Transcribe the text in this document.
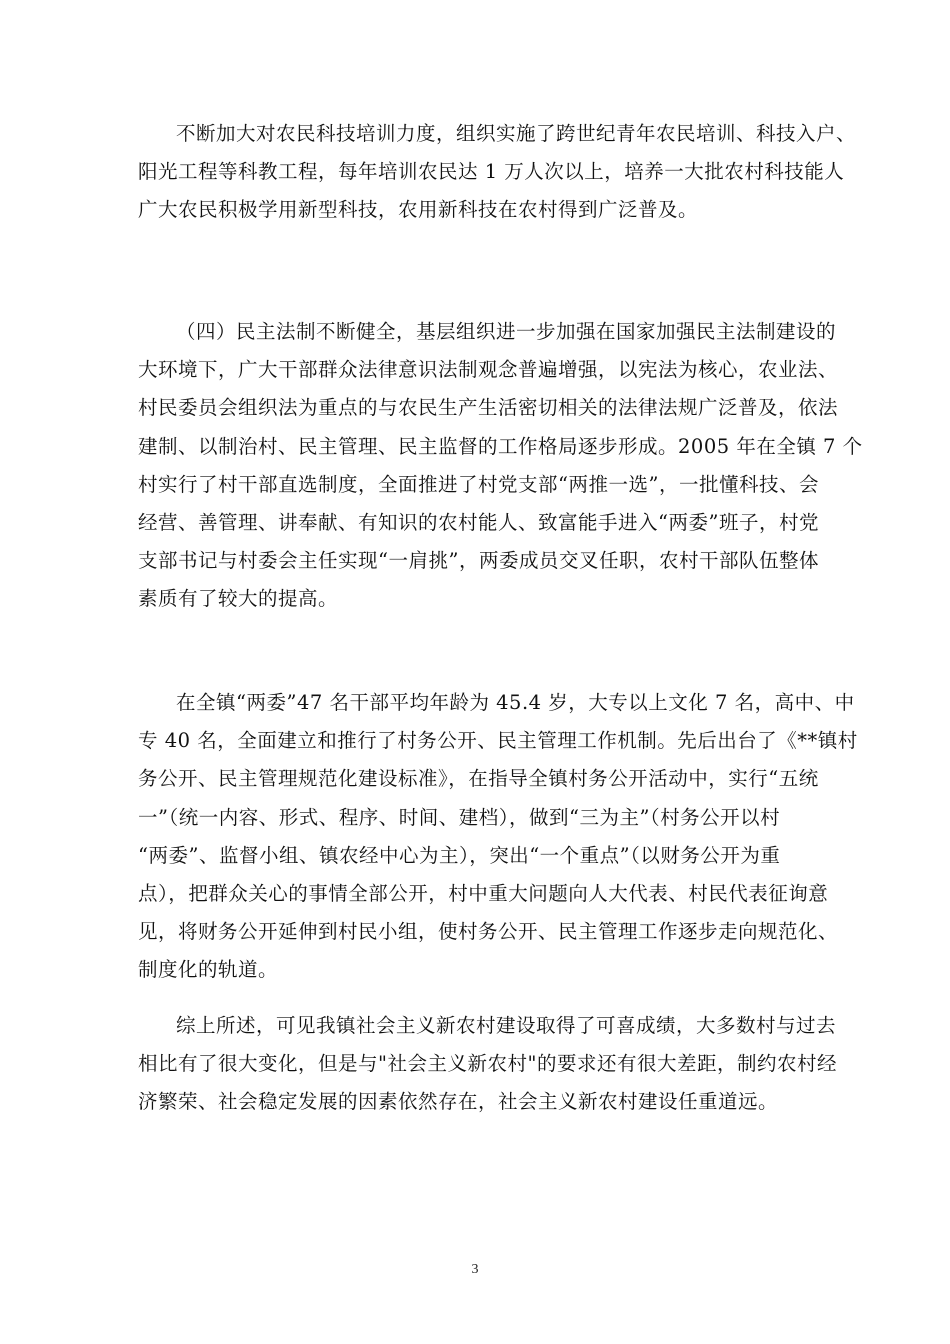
不断加大对农民科技培训力度，组织实施了跨世纪青年农民培训、科技入户、
阳光工程等科教工程，每年培训农民达 1 万人次以上，培养一大批农村科技能人
广大农民积极学用新型科技，农用新科技在农村得到广泛普及。

（四）民主法制不断健全，基层组织进一步加强在国家加强民主法制建设的
大环境下，广大干部群众法律意识法制观念普遍增强，以宪法为核心，农业法、
村民委员会组织法为重点的与农民生产生活密切相关的法律法规广泛普及，依法
建制、以制治村、民主管理、民主监督的工作格局逐步形成。2005 年在全镇 7 个
村实行了村干部直选制度，全面推进了村党支部“两推一选”，一批懂科技、会
经营、善管理、讲奉献、有知识的农村能人、致富能手进入“两委”班子，村党
支部书记与村委会主任实现“一肩挑”，两委成员交叉任职，农村干部队伍整体
素质有了较大的提高。

在全镇“两委”47 名干部平均年龄为 45.4 岁，大专以上文化 7 名，高中、中
专 40 名，全面建立和推行了村务公开、民主管理工作机制。先后出台了《**镇村
务公开、民主管理规范化建设标准》，在指导全镇村务公开活动中，实行“五统
一”（统一内容、形式、程序、时间、建档），做到“三为主”（村务公开以村
“两委”、监督小组、镇农经中心为主），突出“一个重点”（以财务公开为重
点），把群众关心的事情全部公开，村中重大问题向人大代表、村民代表征询意
见，将财务公开延伸到村民小组，使村务公开、民主管理工作逐步走向规范化、
制度化的轨道。

综上所述，可见我镇社会主义新农村建设取得了可喜成绩，大多数村与过去
相比有了很大变化，但是与"社会主义新农村"的要求还有很大差距，制约农村经
济繁荣、社会稳定发展的因素依然存在，社会主义新农村建设任重道远。

3
